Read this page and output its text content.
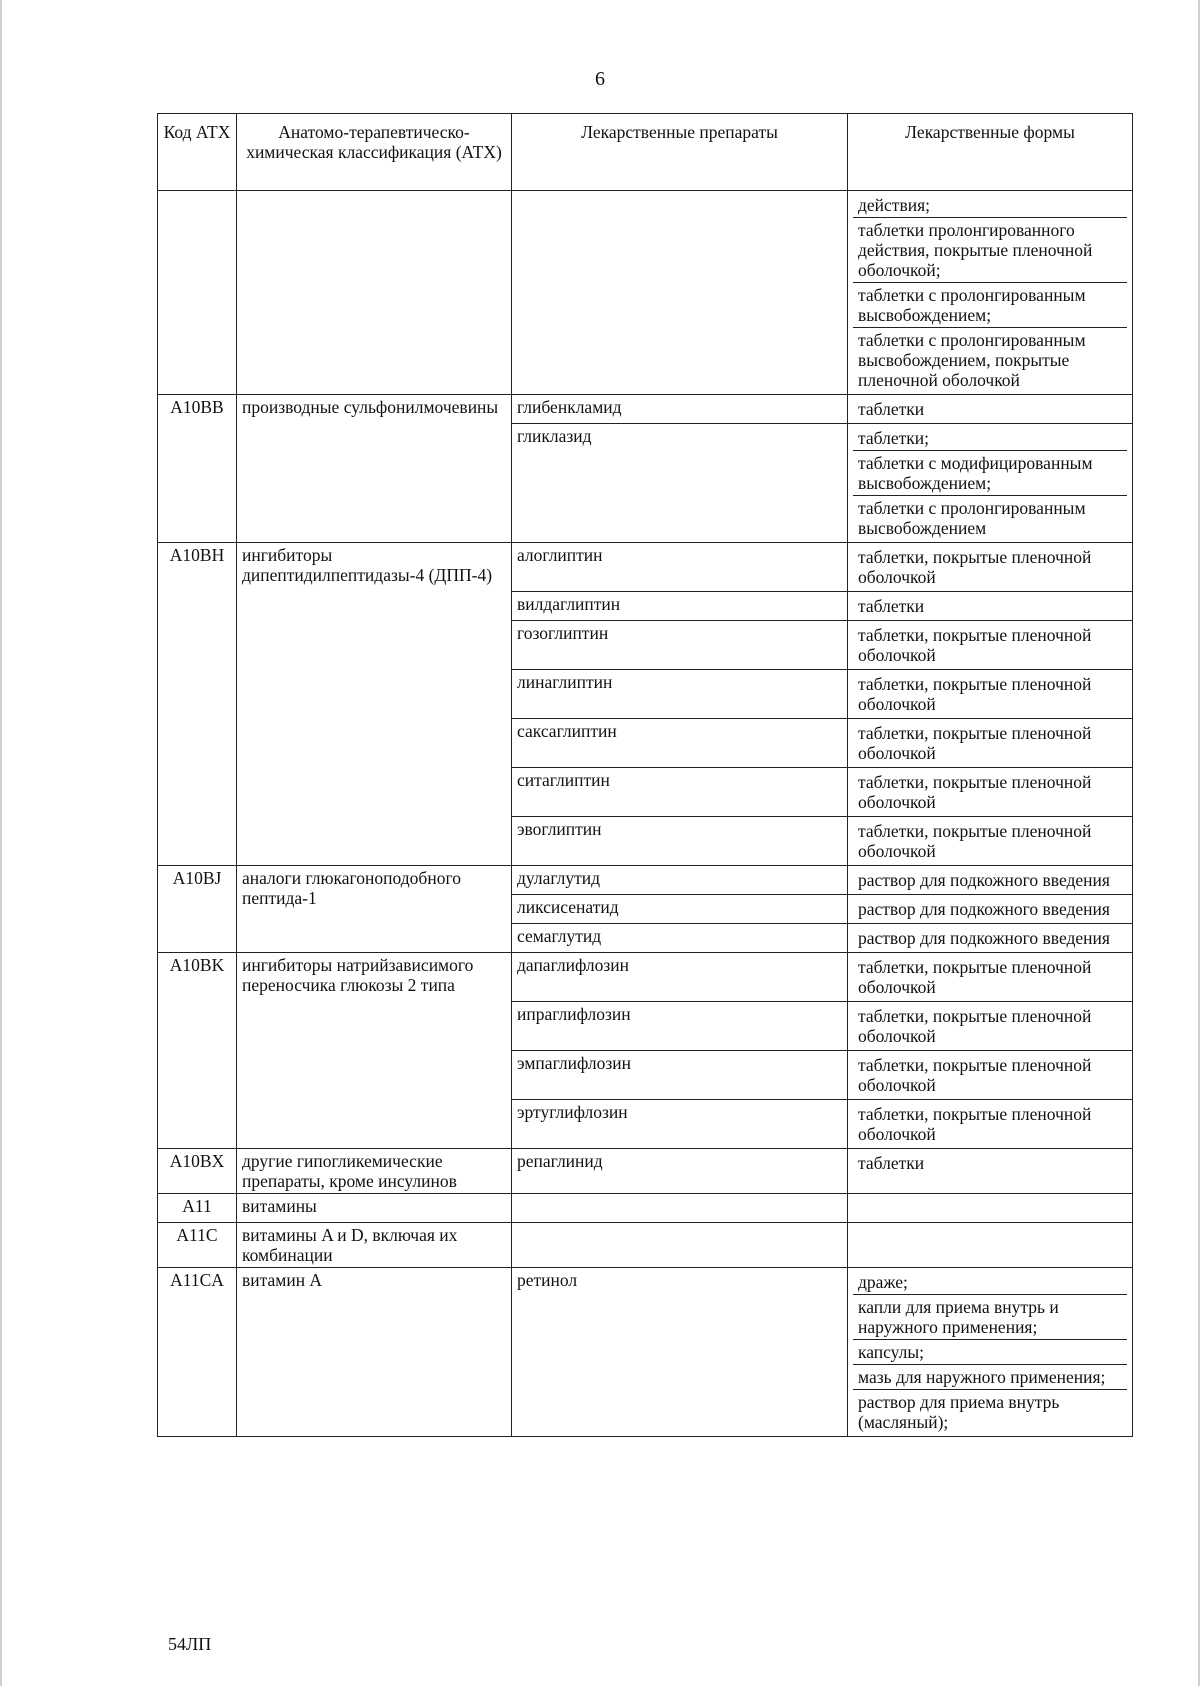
6
Код АТХ	Анатомо-терапевтическо-химическая классификация (АТХ)	Лекарственные препараты	Лекарственные формы

			действия;
таблетки пролонгированного действия, покрытые пленочной оболочкой;
таблетки с пролонгированным высвобождением;
таблетки с пролонгированным высвобождением, покрытые пленочной оболочкой

A10BB	производные сульфонилмочевины	глибенкламид	таблетки

		гликлазид	таблетки;
таблетки с модифицированным высвобождением;
таблетки с пролонгированным высвобождением

A10BH	ингибиторы дипептидилпептидазы-4 (ДПП-4)	алоглиптин	таблетки, покрытые пленочной оболочкой

		вилдаглиптин	таблетки

		гозоглиптин	таблетки, покрытые пленочной оболочкой

		линаглиптин	таблетки, покрытые пленочной оболочкой

		саксаглиптин	таблетки, покрытые пленочной оболочкой

		ситаглиптин	таблетки, покрытые пленочной оболочкой

		эвоглиптин	таблетки, покрытые пленочной оболочкой

A10BJ	аналоги глюкагоноподобного пептида-1	дулаглутид	раствор для подкожного введения

		ликсисенатид	раствор для подкожного введения

		семаглутид	раствор для подкожного введения

A10BK	ингибиторы натрийзависимого переносчика глюкозы 2 типа	дапаглифлозин	таблетки, покрытые пленочной оболочкой

		ипраглифлозин	таблетки, покрытые пленочной оболочкой

		эмпаглифлозин	таблетки, покрытые пленочной оболочкой

		эртуглифлозин	таблетки, покрытые пленочной оболочкой

A10BX	другие гипогликемические препараты, кроме инсулинов	репаглинид	таблетки

A11	витамины		

A11C	витамины A и D, включая их комбинации		

A11CA	витамин A	ретинол	драже;
капли для приема внутрь и наружного применения;
капсулы;
мазь для наружного применения;
раствор для приема внутрь (масляный);
54ЛП
